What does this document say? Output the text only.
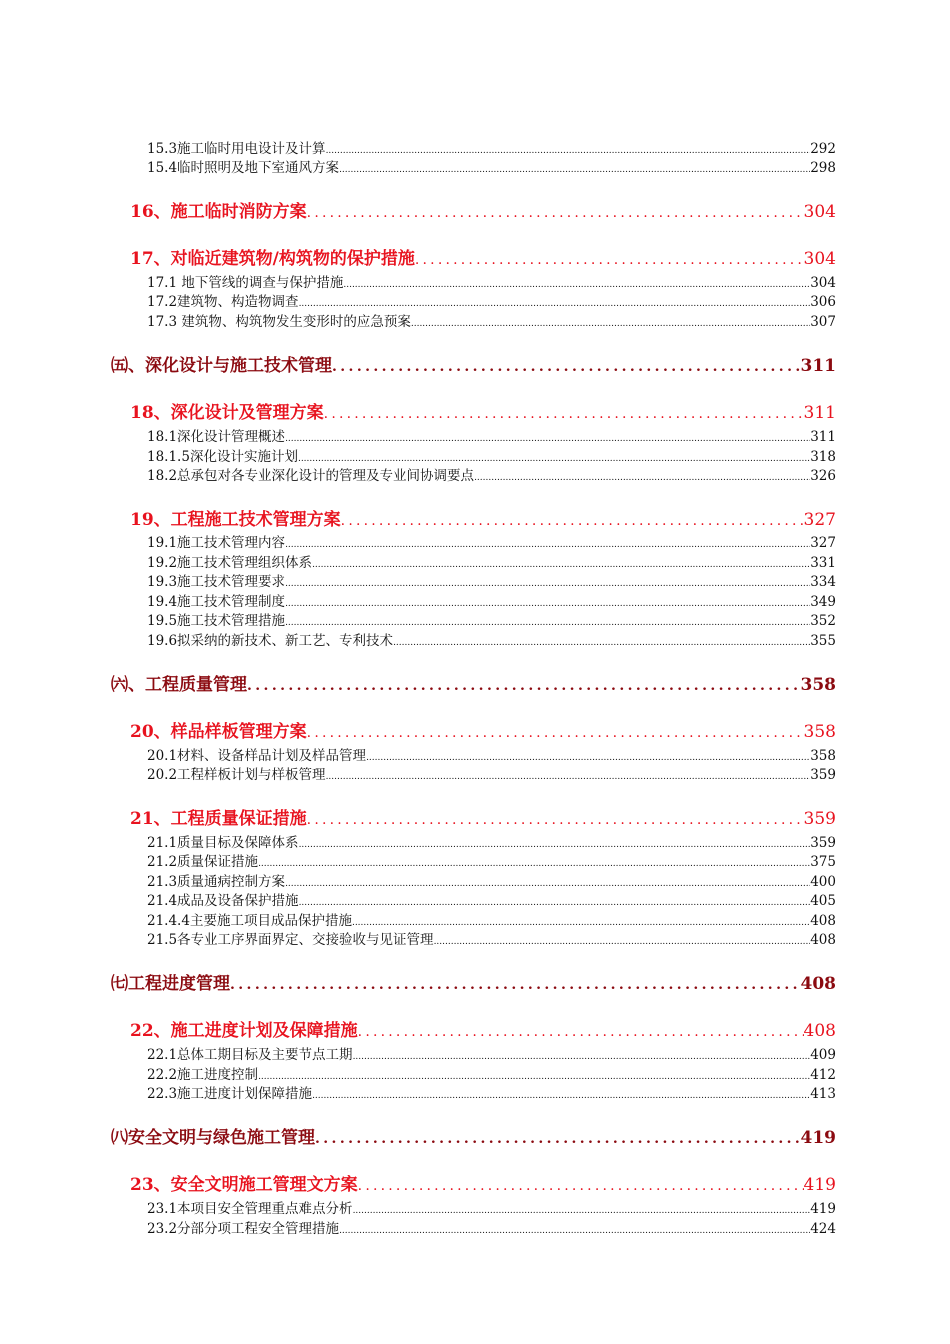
15.3施工临时用电设计及计算 .....	292
15.4临时照明及地下室通风方案 .....	298
16、施工临时消防方案 .....	304
17、对临近建筑物/构筑物的保护措施 .....	304
17.1 地下管线的调查与保护措施 .....	304
17.2建筑物、构造物调查 .....	306
17.3 建筑物、构筑物发生变形时的应急预案 .....	307
㈤、深化设计与施工技术管理 .....	311
18、深化设计及管理方案 .....	311
18.1深化设计管理概述 .....	311
18.1.5深化设计实施计划 .....	318
18.2总承包对各专业深化设计的管理及专业间协调要点 .....	326
19、工程施工技术管理方案 .....	327
19.1施工技术管理内容 .....	327
19.2施工技术管理组织体系 .....	331
19.3施工技术管理要求 .....	334
19.4施工技术管理制度 .....	349
19.5施工技术管理措施 .....	352
19.6拟采纳的新技术、新工艺、专利技术 .....	355
㈥、工程质量管理 .....	358
20、样品样板管理方案 .....	358
20.1材料、设备样品计划及样品管理 .....	358
20.2工程样板计划与样板管理 .....	359
21、工程质量保证措施 .....	359
21.1质量目标及保障体系 .....	359
21.2质量保证措施 .....	375
21.3质量通病控制方案 .....	400
21.4成品及设备保护措施 .....	405
21.4.4主要施工项目成品保护措施 .....	408
21.5各专业工序界面界定、交接验收与见证管理 .....	408
㈦工程进度管理 .....	408
22、施工进度计划及保障措施 .....	408
22.1总体工期目标及主要节点工期 .....	409
22.2施工进度控制 .....	412
22.3施工进度计划保障措施 .....	413
㈧安全文明与绿色施工管理 .....	419
23、安全文明施工管理文方案 .....	419
23.1本项目安全管理重点难点分析 .....	419
23.2分部分项工程安全管理措施 .....	424
